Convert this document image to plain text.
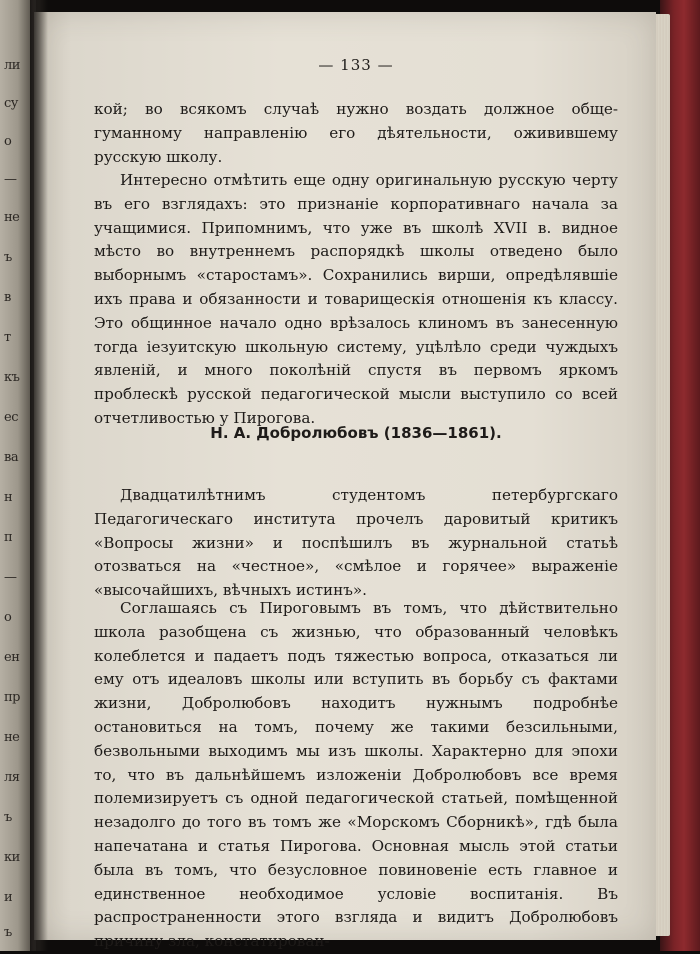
ли
су
о
—
не
ъ
в
т
къ
ес
ва
н
п
—
о
ен
пр
не
ля
ъ
ки
и
ъ
— 133 —

кой; во всякомъ случаѣ нужно воздать должное обще-гуманному направленію его дѣятельности, оживившему русскую школу.

Интересно отмѣтить еще одну оригинальную русскую черту въ его взглядахъ: это признаніе корпоративнаго начала за учащимися. Припомнимъ, что уже въ школѣ XVII в. видное мѣсто во внутреннемъ распорядкѣ школы отведено было выборнымъ «старостамъ». Сохранились вирши, опредѣлявшіе ихъ права и обязанности и товарищескія отношенія къ классу. Это общинное начало одно врѣзалось клиномъ въ занесенную тогда іезуитскую школьную систему, уцѣлѣло среди чуждыхъ явленій, и много поколѣній спустя въ первомъ яркомъ проблескѣ русской педагогической мысли выступило со всей отчетливостью у Пирогова.

Н. А. Добролюбовъ (1836—1861).

Двадцатилѣтнимъ студентомъ петербургскаго Педагогическаго института прочелъ даровитый критикъ «Вопросы жизни» и поспѣшилъ въ журнальной статьѣ отозваться на «честное», «смѣлое и горячее» выраженіе «высочайшихъ, вѣчныхъ истинъ».

Соглашаясь съ Пироговымъ въ томъ, что дѣйствительно школа разобщена съ жизнью, что образованный человѣкъ колеблется и падаетъ подъ тяжестью вопроса, отказаться ли ему отъ идеаловъ школы или вступить въ борьбу съ фактами жизни, Добролюбовъ находитъ нужнымъ подробнѣе остановиться на томъ, почему же такими безсильными, безвольными выходимъ мы изъ школы. Характерно для эпохи то, что въ дальнѣйшемъ изложеніи Добролюбовъ все время полемизируетъ съ одной педагогической статьей, помѣщенной незадолго до того въ томъ же «Морскомъ Сборникѣ», гдѣ была напечатана и статья Пирогова. Основная мысль этой статьи была въ томъ, что безусловное повиновеніе есть главное и единственное необходимое условіе воспитанія. Въ распространенности этого взгляда и видитъ Добролюбовъ причину зла, констатирован-
